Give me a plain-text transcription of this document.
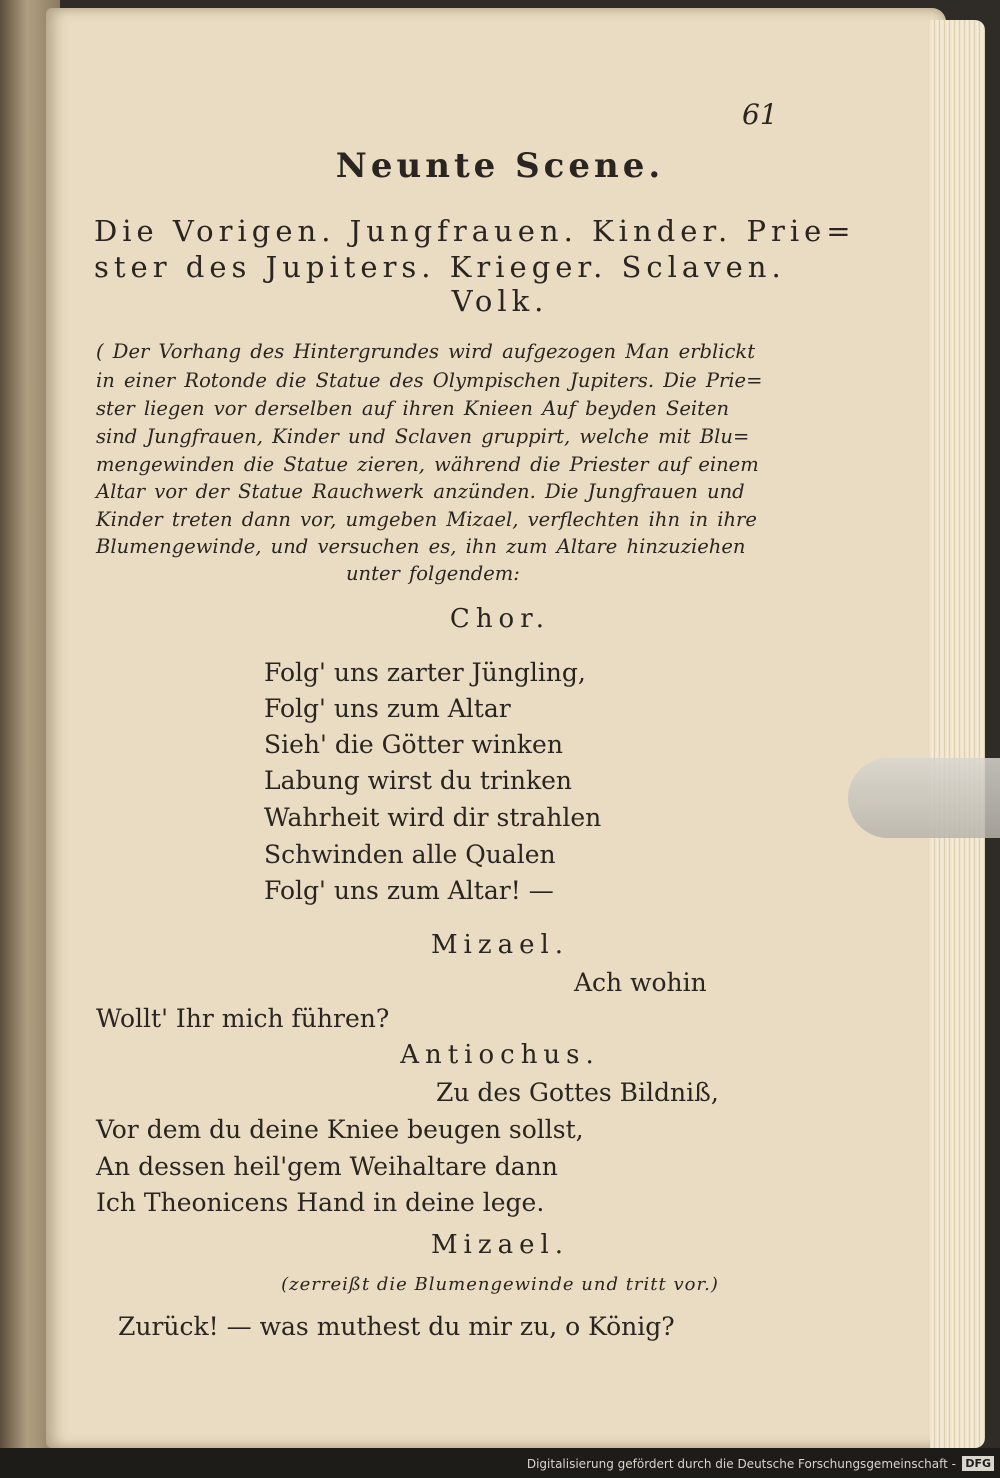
61
Neunte Scene.
Die Vorigen. Jungfrauen. Kinder. Prie=
ster des Jupiters. Krieger. Sclaven.
Volk.
( Der Vorhang des Hintergrundes wird aufgezogen Man erblickt
in einer Rotonde die Statue des Olympischen Jupiters. Die Prie=
ster liegen vor derselben auf ihren Knieen Auf beyden Seiten
sind Jungfrauen, Kinder und Sclaven gruppirt, welche mit Blu=
mengewinden die Statue zieren, während die Priester auf einem
Altar vor der Statue Rauchwerk anzünden. Die Jungfrauen und
Kinder treten dann vor, umgeben Mizael, verflechten ihn in ihre
Blumengewinde, und versuchen es, ihn zum Altare hinzuziehen
unter folgendem:
Chor.
Folg' uns zarter Jüngling,
Folg' uns zum Altar
Sieh' die Götter winken
Labung wirst du trinken
Wahrheit wird dir strahlen
Schwinden alle Qualen
Folg' uns zum Altar! —
Mizael.
Ach wohin
Wollt' Ihr mich führen?
Antiochus.
Zu des Gottes Bildniß,
Vor dem du deine Kniee beugen sollst,
An dessen heil'gem Weihaltare dann
Ich Theonicens Hand in deine lege.
Mizael.
(zerreißt die Blumengewinde und tritt vor.)
Zurück! — was muthest du mir zu, o König?
Digitalisierung gefördert durch die Deutsche Forschungsgemeinschaft - DFG
